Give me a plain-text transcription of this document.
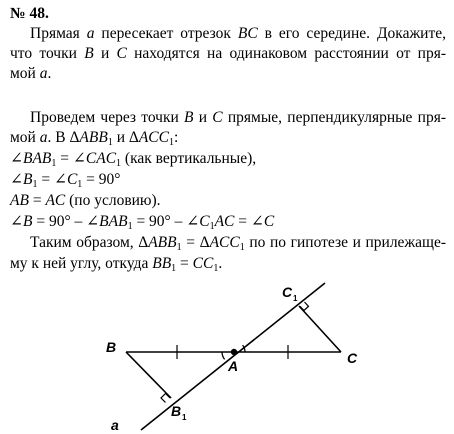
№ 48.
Прямая a пересекает отрезок BC в его середине. Докажите,
что точки B и C находятся на одинаковом расстоянии от пря-
мой a.
Проведем через точки B и C прямые, перпендикулярные пря-
мой a. В $\Delta ABB_1$ и $\Delta ACC_1$:
$\angle BAB_1$ = $\angle CAC_1$ (как вертикальные),
$\angle B_1$ = $\angle C_1 = 90^\circ$
AB = AC (по условию).
∠B = $90^\circ - \angle BAB_1 = 90^\circ$ – $\angle C_1AC$ = ∠C
Таким образом, $\Delta ABB_1 = \Delta ACC_1$ по по гипотезе и прилежаще-
му к ней углу, откуда $BB_1 = CC_1$.
B
C
A
B 1
C 1
a
